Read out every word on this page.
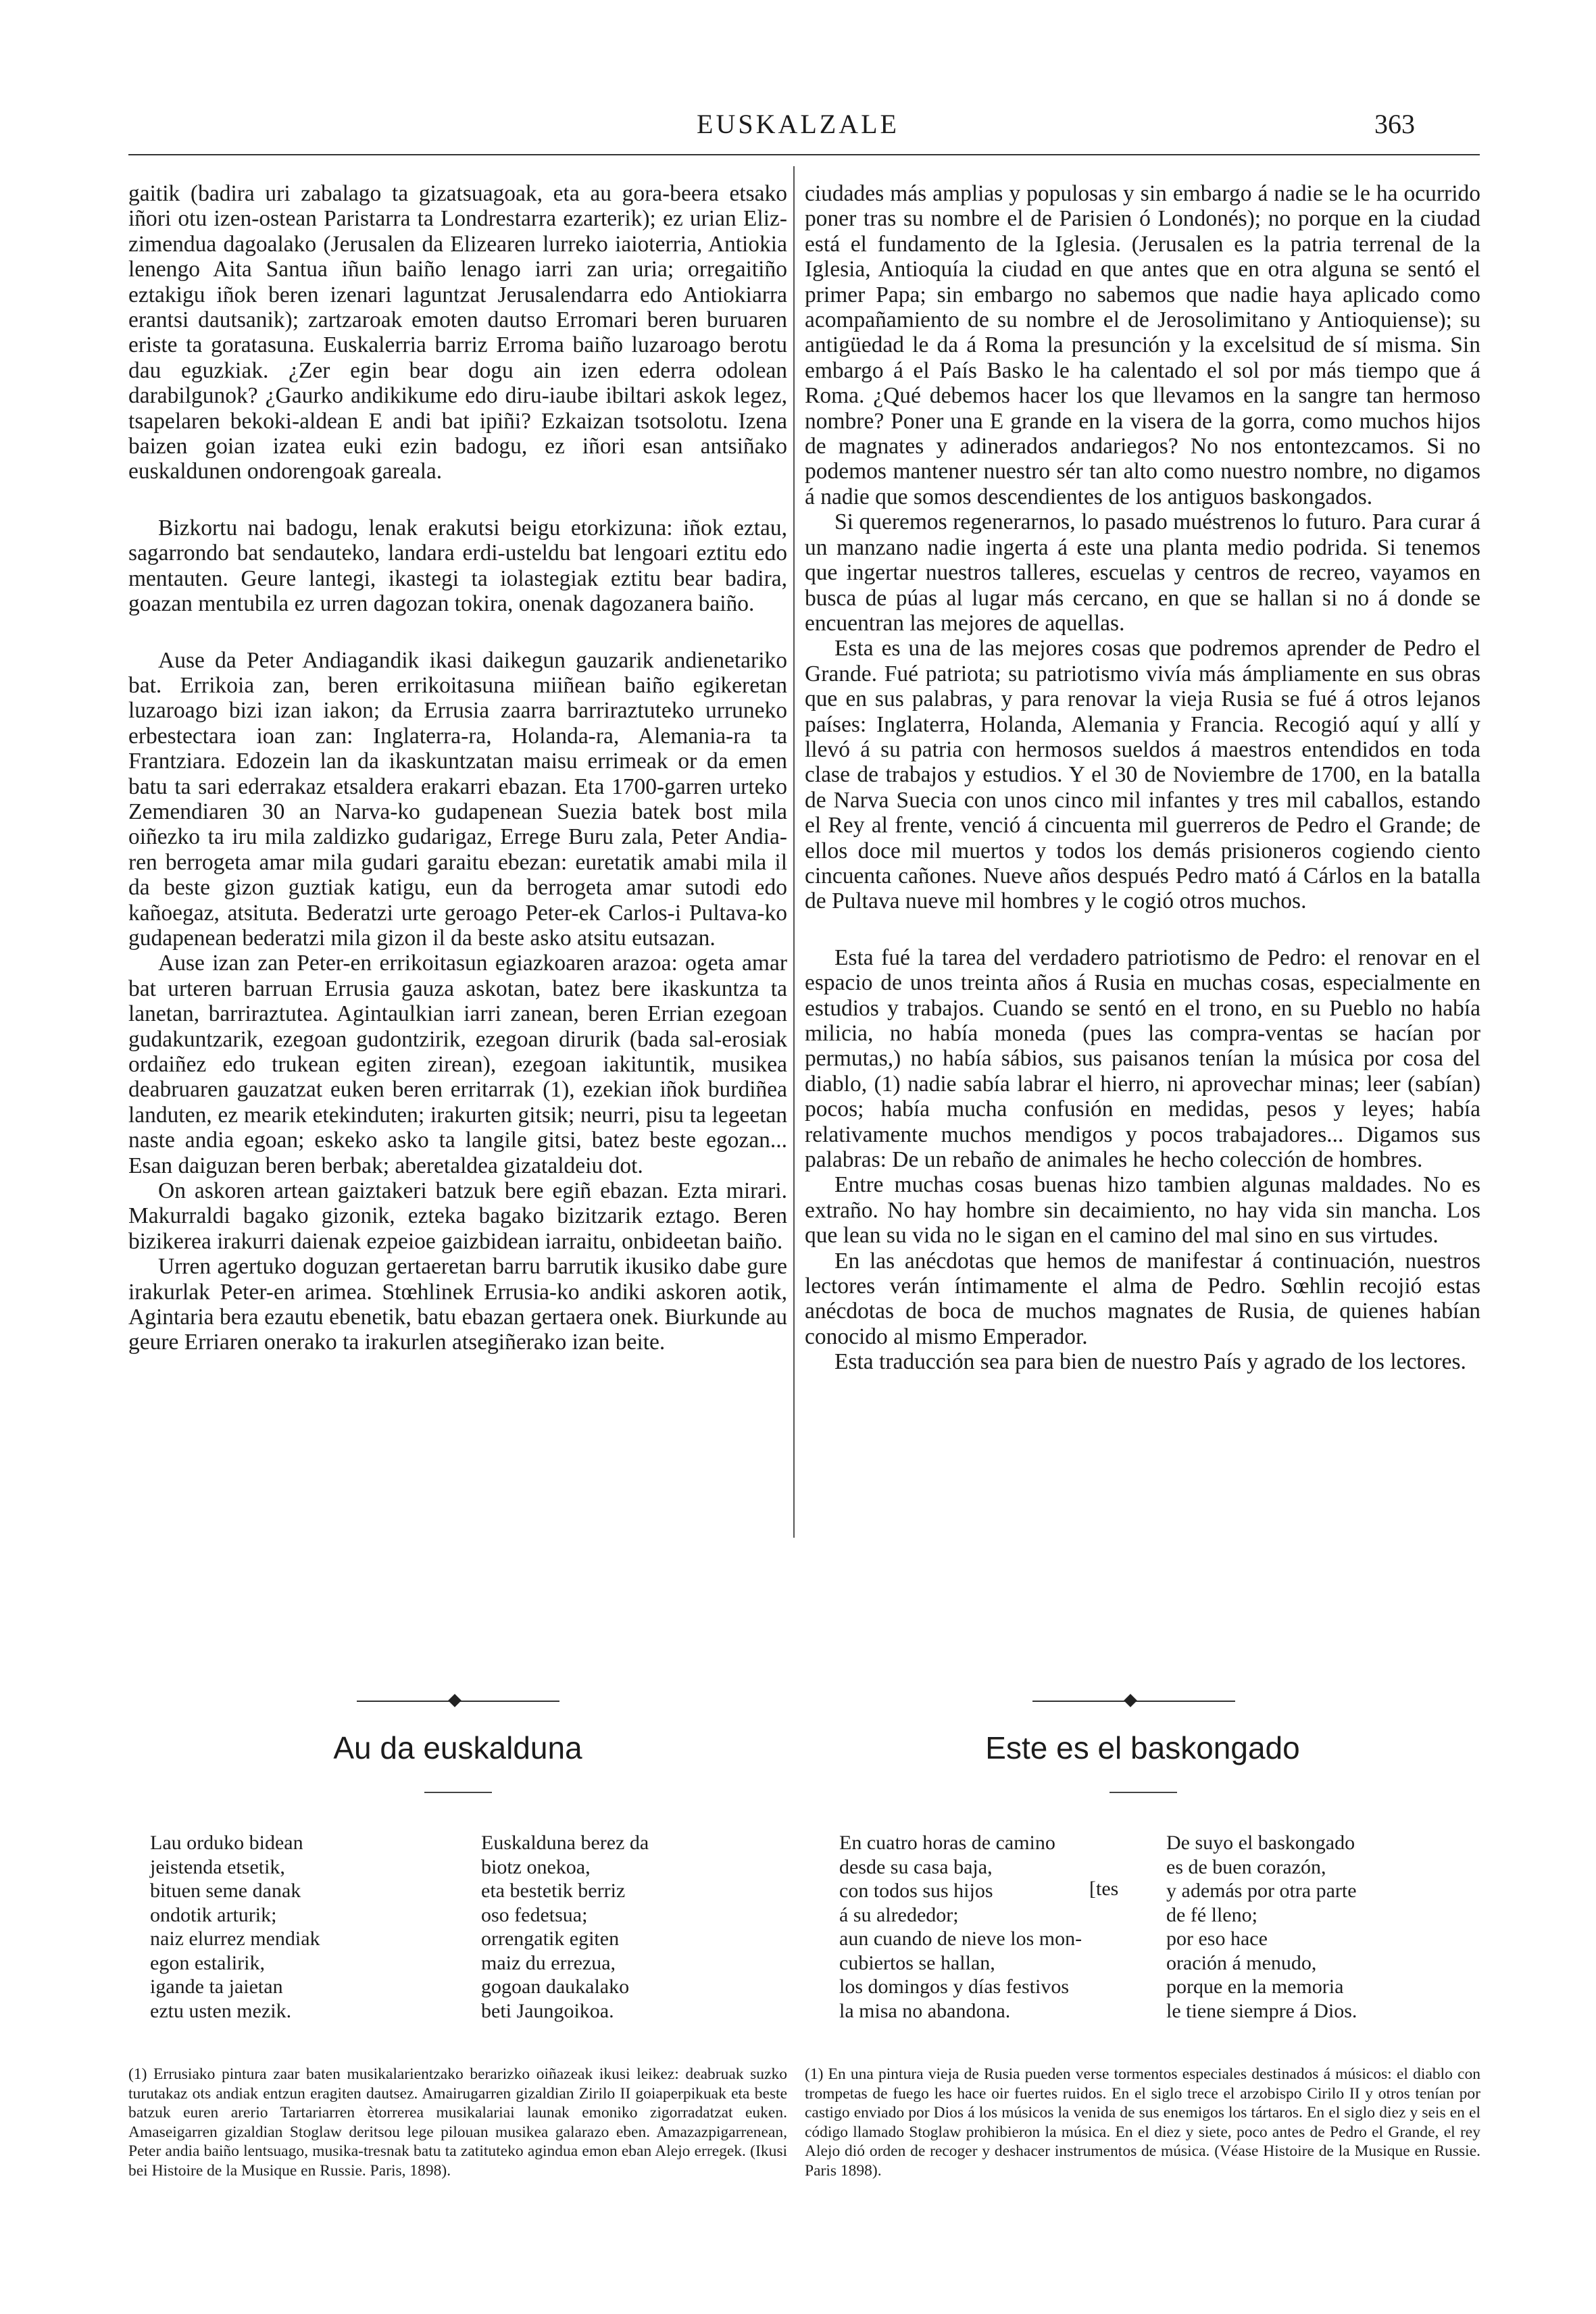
EUSKALZALE	363

gaitik (badira uri zabalago ta gizatsuagoak, eta au gora-beera etsako iñori otu izen-ostean Paristarra ta Londrestarra ezarterik); ez urian Eliz-zimendua dagoalako (Jerusalen da Elizearen lurreko iaioterria, Antiokia lenengo Aita Santua iñun baiño lenago iarri zan uria; orregaitiño eztakigu iñok beren izenari laguntzat Jerusalendarra edo Antiokiarra erantsi dautsanik); zartzaroak emoten dautso Erromari beren buruaren eriste ta goratasuna. Euskalerria barriz Erroma baiño luzaroago berotu dau eguzkiak. ¿Zer egin bear dogu ain izen ederra odolean darabilgunok? ¿Gaurko andikikume edo diru-iaube ibiltari askok legez, tsapelaren bekoki-aldean E andi bat ipiñi? Ezkaizan tsotsolotu. Izena baizen goian izatea euki ezin badogu, ez iñori esan antsiñako euskaldunen ondorengoak gareala.

Bizkortu nai badogu, lenak erakutsi beigu etorkizuna: iñok eztau, sagarrondo bat sendauteko, landara erdi-usteldu bat lengoari eztitu edo mentauten. Geure lantegi, ikastegi ta iolastegiak eztitu bear badira, goazan mentubila ez urren dagozan tokira, onenak dagozanera baiño.

Ause da Peter Andiagandik ikasi daikegun gauzarik andienetariko bat. Errikoia zan, beren errikoitasuna miiñean baiño egikeretan luzaroago bizi izan iakon; da Errusia zaarra barriraztuteko urruneko erbestectara ioan zan: Inglaterra-ra, Holanda-ra, Alemania-ra ta Frantziara. Edozein lan da ikaskuntzatan maisu errimeak or da emen batu ta sari ederrakaz etsaldera erakarri ebazan. Eta 1700-garren urteko Zemendiaren 30 an Narva-ko gudapenean Suezia batek bost mila oiñezko ta iru mila zaldizko gudarigaz, Errege Buru zala, Peter Andia-ren berrogeta amar mila gudari garaitu ebezan: euretatik amabi mila il da beste gizon guztiak katigu, eun da berrogeta amar sutodi edo kañoegaz, atsituta. Bederatzi urte geroago Peter-ek Carlos-i Pultava-ko gudapenean bederatzi mila gizon il da beste asko atsitu eutsazan.

Ause izan zan Peter-en errikoitasun egiazkoaren arazoa: ogeta amar bat urteren barruan Errusia gauza askotan, batez bere ikaskuntza ta lanetan, barriraztutea. Agintaulkian iarri zanean, beren Errian ezegoan gudakuntzarik, ezegoan gudontzirik, ezegoan dirurik (bada sal-erosiak ordaiñez edo trukean egiten zirean), ezegoan iakituntik, musikea deabruaren gauzatzat euken beren erritarrak (1), ezekian iñok burdiñea landuten, ez mearik etekinduten; irakurten gitsik; neurri, pisu ta legeetan naste andia egoan; eskeko asko ta langile gitsi, batez beste egozan... Esan daiguzan beren berbak; aberetaldea gizataldeiu dot.

On askoren artean gaiztakeri batzuk bere egiñ ebazan. Ezta mirari. Makurraldi bagako gizonik, ezteka bagako bizitzarik eztago. Beren bizikerea irakurri daienak ezpeioe gaizbidean iarraitu, onbideetan baiño.

Urren agertuko doguzan gertaeretan barru barrutik ikusiko dabe gure irakurlak Peter-en arimea. Stœhlinek Errusia-ko andiki askoren aotik, Agintaria bera ezautu ebenetik, batu ebazan gertaera onek. Biurkunde au geure Erriaren onerako ta irakurlen atsegiñerako izan beite.

ciudades más amplias y populosas y sin embargo á nadie se le ha ocurrido poner tras su nombre el de Parisien ó Londonés); no porque en la ciudad está el fundamento de la Iglesia. (Jerusalen es la patria terrenal de la Iglesia, Antioquía la ciudad en que antes que en otra alguna se sentó el primer Papa; sin embargo no sabemos que nadie haya aplicado como acompañamiento de su nombre el de Jerosolimitano y Antioquiense); su antigüedad le da á Roma la presunción y la excelsitud de sí misma. Sin embargo á el País Basko le ha calentado el sol por más tiempo que á Roma. ¿Qué debemos hacer los que llevamos en la sangre tan hermoso nombre? Poner una E grande en la visera de la gorra, como muchos hijos de magnates y adinerados andariegos? No nos entontezcamos. Si no podemos mantener nuestro sér tan alto como nuestro nombre, no digamos á nadie que somos descendientes de los antiguos baskongados.

Si queremos regenerarnos, lo pasado muéstrenos lo futuro. Para curar á un manzano nadie ingerta á este una planta medio podrida. Si tenemos que ingertar nuestros talleres, escuelas y centros de recreo, vayamos en busca de púas al lugar más cercano, en que se hallan si no á donde se encuentran las mejores de aquellas.

Esta es una de las mejores cosas que podremos aprender de Pedro el Grande. Fué patriota; su patriotismo vivía más ámpliamente en sus obras que en sus palabras, y para renovar la vieja Rusia se fué á otros lejanos países: Inglaterra, Holanda, Alemania y Francia. Recogió aquí y allí y llevó á su patria con hermosos sueldos á maestros entendidos en toda clase de trabajos y estudios. Y el 30 de Noviembre de 1700, en la batalla de Narva Suecia con unos cinco mil infantes y tres mil caballos, estando el Rey al frente, venció á cincuenta mil guerreros de Pedro el Grande; de ellos doce mil muertos y todos los demás prisioneros cogiendo ciento cincuenta cañones. Nueve años después Pedro mató á Cárlos en la batalla de Pultava nueve mil hombres y le cogió otros muchos.

Esta fué la tarea del verdadero patriotismo de Pedro: el renovar en el espacio de unos treinta años á Rusia en muchas cosas, especialmente en estudios y trabajos. Cuando se sentó en el trono, en su Pueblo no había milicia, no había moneda (pues las compra-ventas se hacían por permutas,) no había sábios, sus paisanos tenían la música por cosa del diablo, (1) nadie sabía labrar el hierro, ni aprovechar minas; leer (sabían) pocos; había mucha confusión en medidas, pesos y leyes; había relativamente muchos mendigos y pocos trabajadores... Digamos sus palabras: De un rebaño de animales he hecho colección de hombres.

Entre muchas cosas buenas hizo tambien algunas maldades. No es extraño. No hay hombre sin decaimiento, no hay vida sin mancha. Los que lean su vida no le sigan en el camino del mal sino en sus virtudes.

En las anécdotas que hemos de manifestar á continuación, nuestros lectores verán íntimamente el alma de Pedro. Sœhlin recojió estas anécdotas de boca de muchos magnates de Rusia, de quienes habían conocido al mismo Emperador.

Esta traducción sea para bien de nuestro País y agrado de los lectores.

Au da euskalduna	Este es el baskongado
Lau orduko bidean
jeistenda etsetik,
bituen seme danak
ondotik arturik;
naiz elurrez mendiak
egon estalirik,
igande ta jaietan
eztu usten mezik.
Euskalduna berez da
biotz onekoa,
eta bestetik berriz
oso fedetsua;
orrengatik egiten
maiz du errezua,
gogoan daukalako
beti Jaungoikoa.
En cuatro horas de camino
desde su casa baja,
con todos sus hijos
á su alrededor;
aun cuando de nieve los mon-
cubiertos se hallan,
los domingos y días festivos
la misa no abandona.
[tes
De suyo el baskongado
es de buen corazón,
y además por otra parte
de fé lleno;
por eso hace
oración á menudo,
porque en la memoria
le tiene siempre á Dios.
(1) Errusiako pintura zaar baten musikalarientzako berarizko oiñazeak ikusi leikez: deabruak suzko turutakaz ots andiak entzun eragiten dautsez. Amairugarren gizaldian Zirilo II goiaperpikuak eta beste batzuk euren arerio Tartariarren ètorrerea musikalariai launak emoniko zigorradatzat euken. Amaseigarren gizaldian Stoglaw deritsou lege pilouan musikea galarazo eben. Amazazpigarrenean, Peter andia baiño lentsuago, musika-tresnak batu ta zatituteko agindua emon eban Alejo erregek. (Ikusi bei Histoire de la Musique en Russie. Paris, 1898).
(1) En una pintura vieja de Rusia pueden verse tormentos especiales destinados á músicos: el diablo con trompetas de fuego les hace oir fuertes ruidos. En el siglo trece el arzobispo Cirilo II y otros tenían por castigo enviado por Dios á los músicos la venida de sus enemigos los tártaros. En el siglo diez y seis en el código llamado Stoglaw prohibieron la música. En el diez y siete, poco antes de Pedro el Grande, el rey Alejo dió orden de recoger y deshacer instrumentos de música. (Véase Histoire de la Musique en Russie. Paris 1898).
